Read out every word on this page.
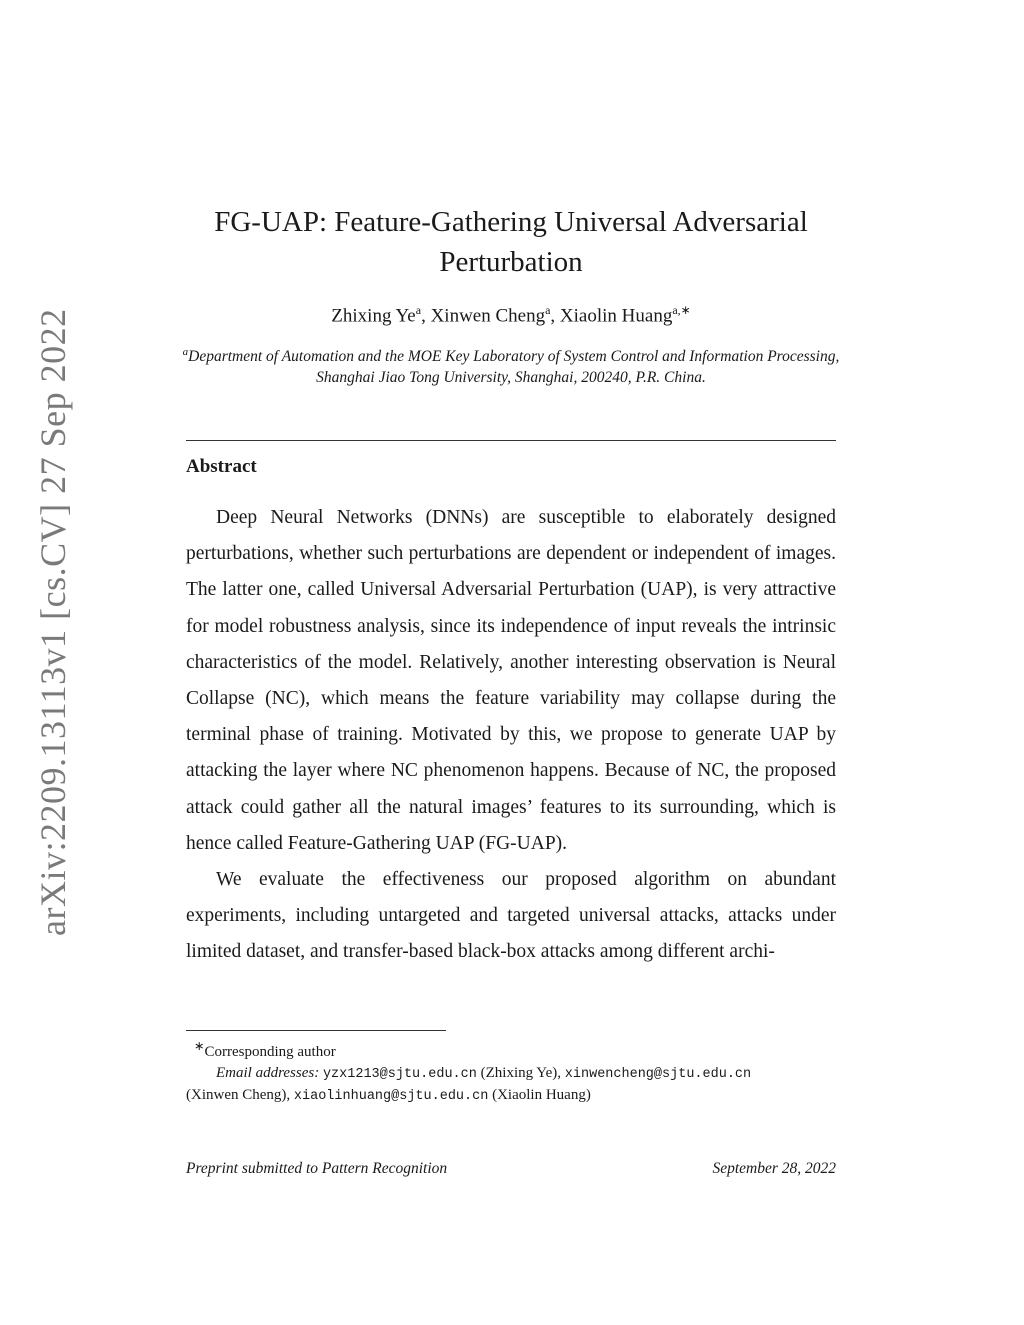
arXiv:2209.13113v1 [cs.CV] 27 Sep 2022
FG-UAP: Feature-Gathering Universal Adversarial Perturbation
Zhixing Ye$^a$, Xinwen Cheng$^a$, Xiaolin Huang$^{a,∗}$
$^a$Department of Automation and the MOE Key Laboratory of System Control and Information Processing, Shanghai Jiao Tong University, Shanghai, 200240, P.R. China.
Abstract

Deep Neural Networks (DNNs) are susceptible to elaborately designed perturbations, whether such perturbations are dependent or independent of images. The latter one, called Universal Adversarial Perturbation (UAP), is very attractive for model robustness analysis, since its independence of input reveals the intrinsic characteristics of the model. Relatively, another interesting observation is Neural Collapse (NC), which means the feature variability may collapse during the terminal phase of training. Motivated by this, we propose to generate UAP by attacking the layer where NC phenomenon happens. Because of NC, the proposed attack could gather all the natural images’ features to its surrounding, which is hence called Feature-Gathering UAP (FG-UAP).

We evaluate the effectiveness our proposed algorithm on abundant experiments, including untargeted and targeted universal attacks, attacks under limited dataset, and transfer-based black-box attacks among different archi-

∗Corresponding author
Email addresses: yzx1213@sjtu.edu.cn (Zhixing Ye), xinwencheng@sjtu.edu.cn
(Xinwen Cheng), xiaolinhuang@sjtu.edu.cn (Xiaolin Huang)
Preprint submitted to Pattern Recognition	September 28, 2022
